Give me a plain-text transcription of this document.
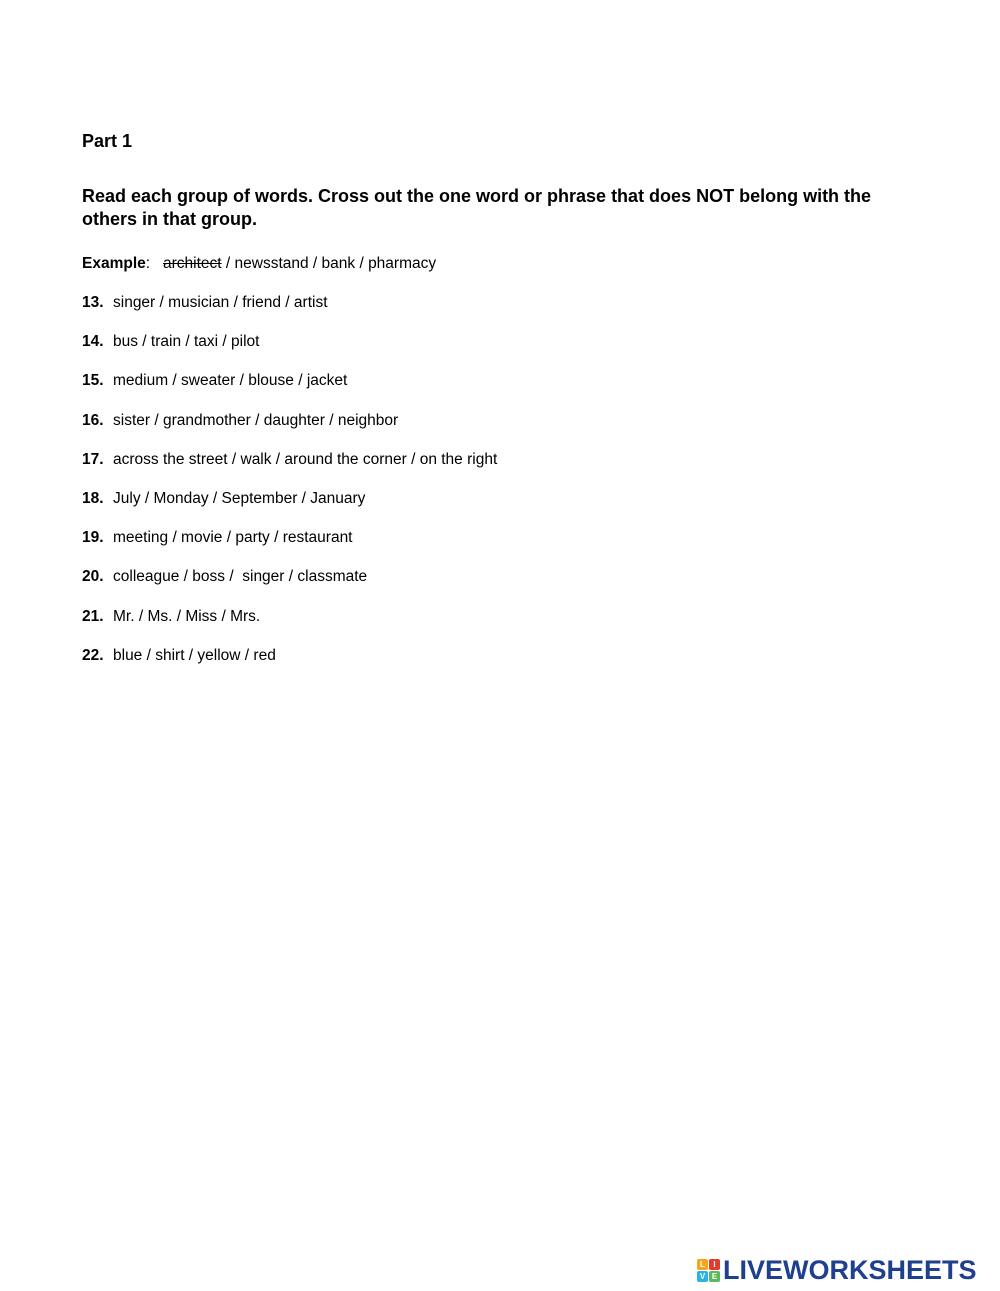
Part 1

Read each group of words. Cross out the one word or phrase that does NOT belong with the others in that group.

Example: architect / newsstand / bank / pharmacy
13. singer / musician / friend / artist
14. bus / train / taxi / pilot
15. medium / sweater / blouse / jacket
16. sister / grandmother / daughter / neighbor
17. across the street / walk / around the corner / on the right
18. July / Monday / September / January
19. meeting / movie / party / restaurant
20. colleague / boss /  singer / classmate
21. Mr. / Ms. / Miss / Mrs.
22. blue / shirt / yellow / red
L	I
V E LIVEWORKSHEETS
